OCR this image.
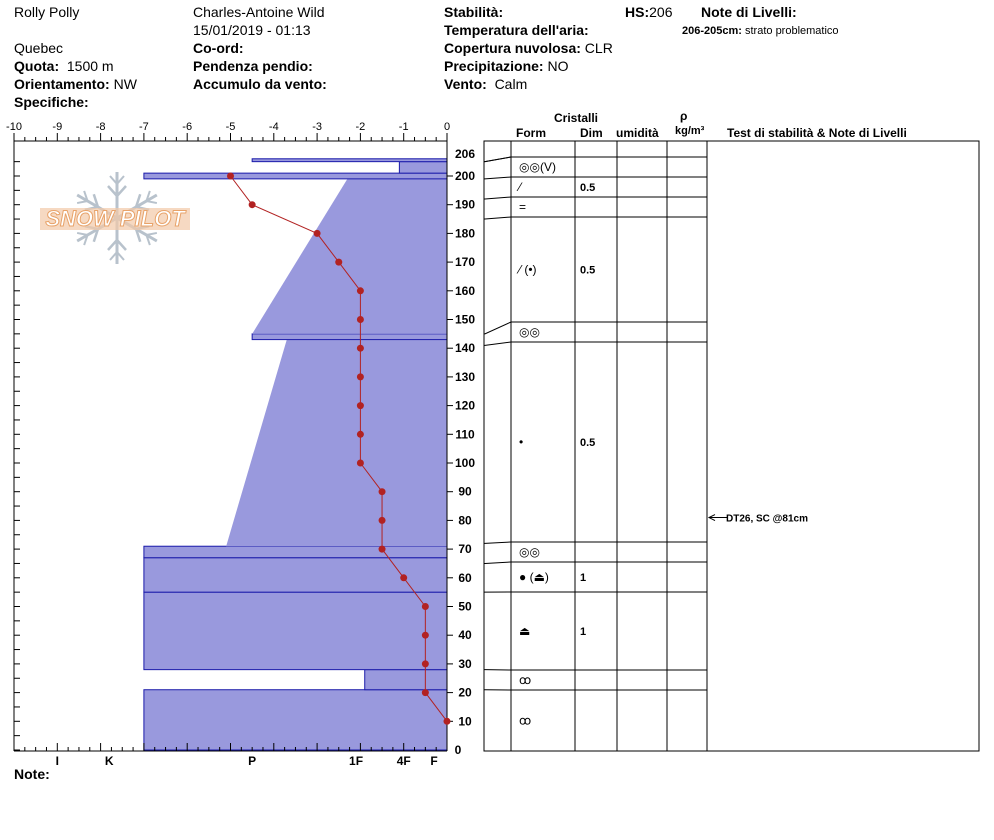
Rolly Polly
Quebec
Quota: 1500 m
Orientamento: NW
Specifiche:
Charles-Antoine Wild
15/01/2019 - 01:13
Co-ord:
Pendenza pendio:
Accumulo da vento:
Stabilità:
Temperatura dell'aria:
Copertura nuvolosa: CLR
Precipitazione: NO
Vento: Calm
HS:206 Note di Livelli:
206-205cm: strato problematico
Note:
Cristalli
Form	Dim umidità
ρ
kg/m³ Test di stabilità & Note di Livelli
SNOW PILOT
-10	-9	-8	-7	-6	-5	-4	-3	-2	-1	0
I	K	P	1F	4F F
10
20
30
40
50
60
70
80
90
100
110
120
130
140
150
160
170
180
190
200
206
0
◎◎(V)
⁄	0.5
=
⁄ (•)	0.5
◎◎
•	0.5
◎◎
● (⏏)	1
⏏	1
ꝏ
ꝏ
DT26, SC @81cm
